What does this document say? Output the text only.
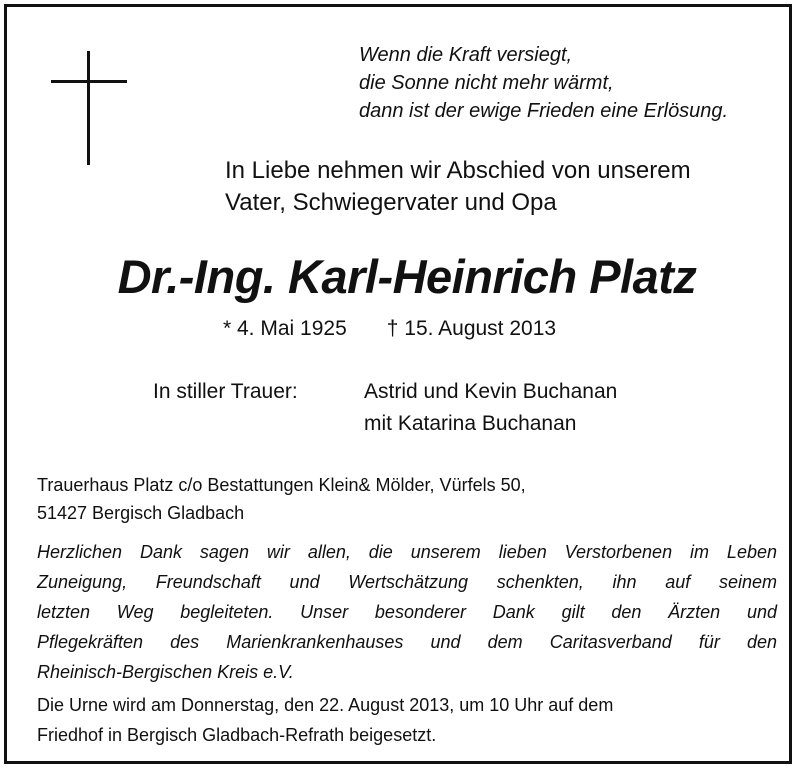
Wenn die Kraft versiegt,
die Sonne nicht mehr wärmt,
dann ist der ewige Frieden eine Erlösung.
In Liebe nehmen wir Abschied von unserem
Vater, Schwiegervater und Opa
Dr.-Ing. Karl-Heinrich Platz
* 4. Mai 1925 † 15. August 2013
In stiller Trauer:	Astrid und Kevin Buchanan
mit Katarina Buchanan
Trauerhaus Platz c/o Bestattungen Klein& Mölder, Vürfels 50,
51427 Bergisch Gladbach
Herzlichen Dank sagen wir allen, die unserem lieben Verstorbenen im Leben
Zuneigung, Freundschaft und Wertschätzung schenkten, ihn auf seinem
letzten Weg begleiteten. Unser besonderer Dank gilt den Ärzten und
Pflegekräften des Marienkrankenhauses und dem Caritasverband für den
Rheinisch-Bergischen Kreis e.V.
Die Urne wird am Donnerstag, den 22. August 2013, um 10 Uhr auf dem
Friedhof in Bergisch Gladbach-Refrath beigesetzt.
